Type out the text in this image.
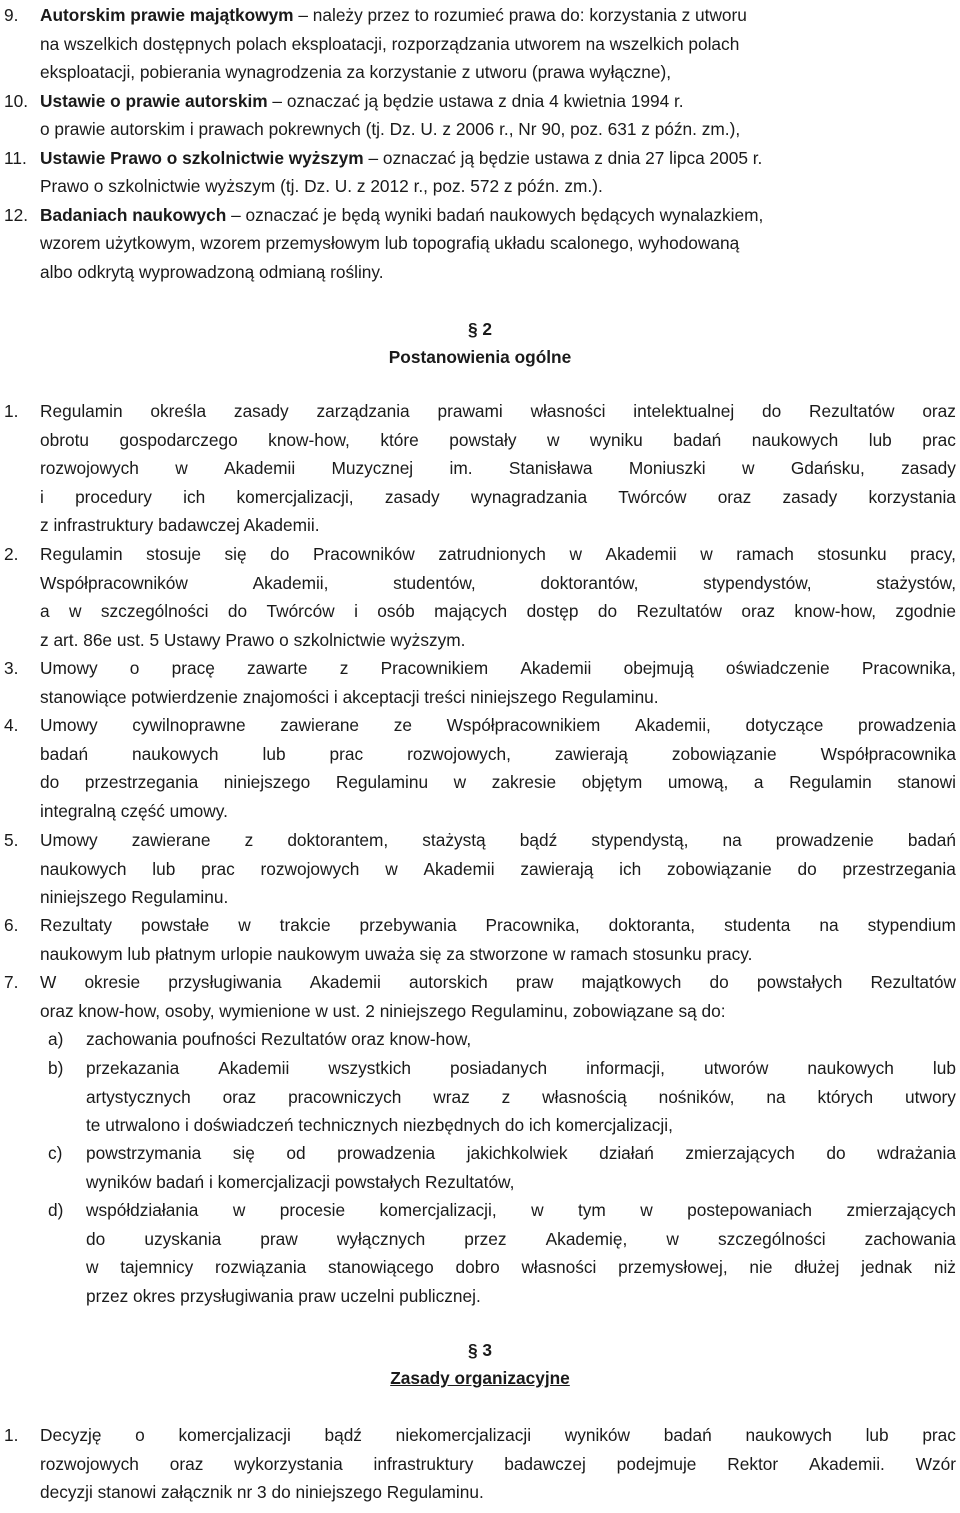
9. Autorskim prawie majątkowym – należy przez to rozumieć prawa do: korzystania z utworu
na wszelkich dostępnych polach eksploatacji, rozporządzania utworem na wszelkich polach
eksploatacji, pobierania wynagrodzenia za korzystanie z utworu (prawa wyłączne),
10. Ustawie o prawie autorskim – oznaczać ją będzie ustawa z dnia 4 kwietnia 1994 r.
o prawie autorskim i prawach pokrewnych (tj. Dz. U. z 2006 r., Nr 90, poz. 631 z późn. zm.),
11. Ustawie Prawo o szkolnictwie wyższym – oznaczać ją będzie ustawa z dnia 27 lipca 2005 r.
Prawo o szkolnictwie wyższym (tj. Dz. U. z 2012 r., poz. 572 z późn. zm.).
12. Badaniach naukowych – oznaczać je będą wyniki badań naukowych będących wynalazkiem,
wzorem użytkowym, wzorem przemysłowym lub topografią układu scalonego, wyhodowaną
albo odkrytą wyprowadzoną odmianą rośliny.
§ 2
Postanowienia ogólne
1. Regulamin określa zasady zarządzania prawami własności intelektualnej do Rezultatów oraz
obrotu gospodarczego know-how, które powstały w wyniku badań naukowych lub prac
rozwojowych w Akademii Muzycznej im. Stanisława Moniuszki w Gdańsku, zasady
i procedury ich komercjalizacji, zasady wynagradzania Twórców oraz zasady korzystania
z infrastruktury badawczej Akademii.
2. Regulamin stosuje się do Pracowników zatrudnionych w Akademii w ramach stosunku pracy,
Współpracowników	Akademii,	studentów,	doktorantów,	stypendystów,	stażystów,
a w szczególności do Twórców i osób mających dostęp do Rezultatów oraz know-how, zgodnie
z art. 86e ust. 5 Ustawy Prawo o szkolnictwie wyższym.
3. Umowy o pracę zawarte z Pracownikiem Akademii obejmują oświadczenie Pracownika,
stanowiące potwierdzenie znajomości i akceptacji treści niniejszego Regulaminu.
4. Umowy cywilnoprawne zawierane ze Współpracownikiem Akademii, dotyczące prowadzenia
badań	naukowych	lub	prac	rozwojowych,	zawierają	zobowiązanie	Współpracownika
do przestrzegania niniejszego Regulaminu w zakresie objętym umową, a Regulamin stanowi
integralną część umowy.
5. Umowy zawierane z doktorantem, stażystą bądź stypendystą, na prowadzenie badań
naukowych lub prac rozwojowych w Akademii zawierają ich zobowiązanie do przestrzegania
niniejszego Regulaminu.
6. Rezultaty powstałe w trakcie przebywania Pracownika, doktoranta, studenta na stypendium
naukowym lub płatnym urlopie naukowym uważa się za stworzone w ramach stosunku pracy.
7. W okresie przysługiwania Akademii autorskich praw majątkowych do powstałych Rezultatów
oraz know-how, osoby, wymienione w ust. 2 niniejszego Regulaminu, zobowiązane są do:
a) zachowania poufności Rezultatów oraz know-how,
b) przekazania Akademii wszystkich posiadanych informacji, utworów naukowych lub
artystycznych oraz pracowniczych wraz z własnością nośników, na których utwory
te utrwalono i doświadczeń technicznych niezbędnych do ich komercjalizacji,
c) powstrzymania się od prowadzenia jakichkolwiek działań zmierzających do wdrażania
wyników badań i komercjalizacji powstałych Rezultatów,
d) współdziałania w procesie komercjalizacji, w tym w postepowaniach zmierzających
do uzyskania praw wyłącznych przez Akademię, w szczególności zachowania
w tajemnicy rozwiązania stanowiącego dobro własności przemysłowej, nie dłużej jednak niż
przez okres przysługiwania praw uczelni publicznej.
§ 3
Zasady organizacyjne
1. Decyzję o komercjalizacji bądź niekomercjalizacji wyników badań naukowych lub prac
rozwojowych oraz wykorzystania infrastruktury badawczej podejmuje Rektor Akademii. Wzór
decyzji stanowi załącznik nr 3 do niniejszego Regulaminu.
